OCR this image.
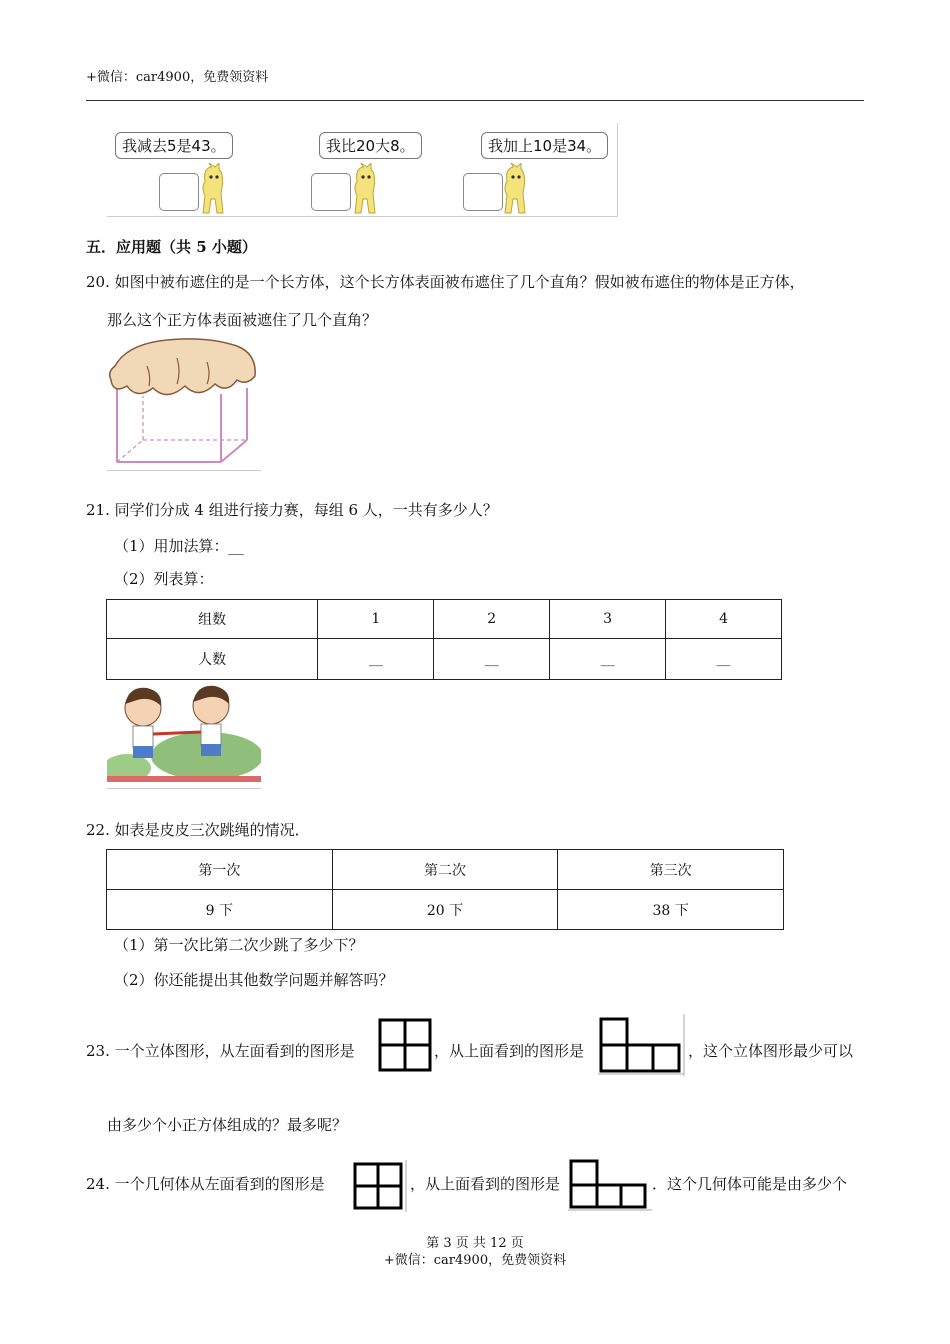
+微信：car4900，免费领资料
我减去5是43。	我比20大8。	我加上10是34。
五．应用题（共 5 小题）
20. 如图中被布遮住的是一个长方体，这个长方体表面被布遮住了几个直角？假如被布遮住的物体是正方体，
那么这个正方体表面被遮住了几个直角？
21. 同学们分成 4 组进行接力赛，每组 6 人，一共有多少人？
（1）用加法算：__
（2）列表算：
组数	1	2	3	4
人数	__	__	__	__
22. 如表是皮皮三次跳绳的情况．
第一次	第二次	第三次
9 下	20 下	38 下
（1）第一次比第二次少跳了多少下？
（2）你还能提出其他数学问题并解答吗？
23. 一个立体图形，从左面看到的图形是	，从上面看到的图形是	，这个立体图形最少可以
由多少个小正方体组成的？最多呢？
24. 一个几何体从左面看到的图形是	，从上面看到的图形是	．这个几何体可能是由多少个
第 3 页 共 12 页
+微信：car4900，免费领资料
